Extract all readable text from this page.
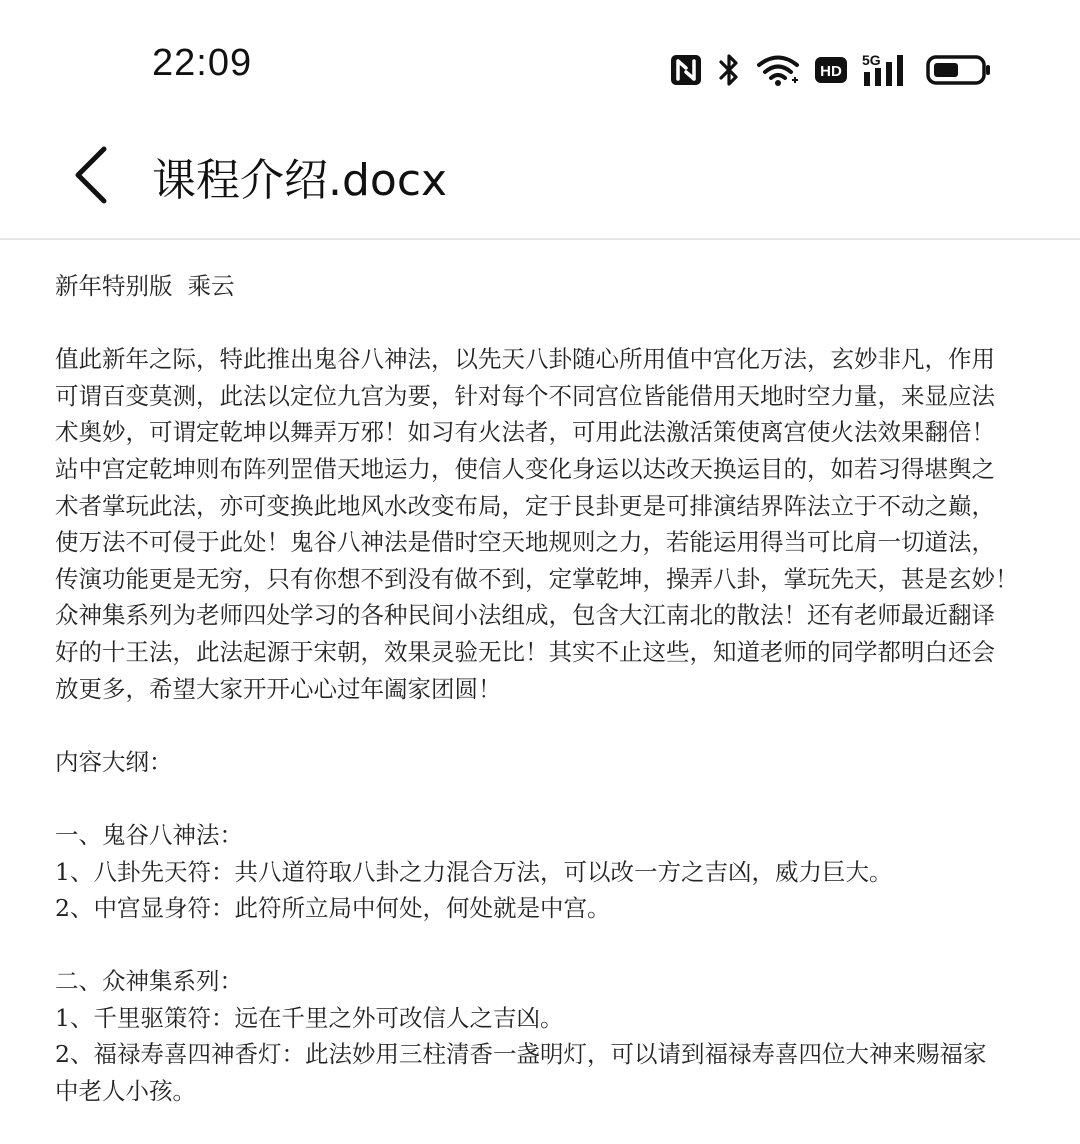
22:09	HD
5G
课程介绍.docx

新年特别版  乘云

值此新年之际，特此推出鬼谷八神法，以先天八卦随心所用值中宫化万法，玄妙非凡，作用

可谓百变莫测，此法以定位九宫为要，针对每个不同宫位皆能借用天地时空力量，来显应法

术奥妙，可谓定乾坤以舞弄万邪！如习有火法者，可用此法激活策使离宫使火法效果翻倍！

站中宫定乾坤则布阵列罡借天地运力，使信人变化身运以达改天换运目的，如若习得堪舆之

术者掌玩此法，亦可变换此地风水改变布局，定于艮卦更是可排演结界阵法立于不动之巅，

使万法不可侵于此处！鬼谷八神法是借时空天地规则之力，若能运用得当可比肩一切道法，

传演功能更是无穷，只有你想不到没有做不到，定掌乾坤，操弄八卦，掌玩先天，甚是玄妙！

众神集系列为老师四处学习的各种民间小法组成，包含大江南北的散法！还有老师最近翻译

好的十王法，此法起源于宋朝，效果灵验无比！其实不止这些，知道老师的同学都明白还会

放更多，希望大家开开心心过年阖家团圆！

内容大纲：

一、鬼谷八神法：

1、八卦先天符：共八道符取八卦之力混合万法，可以改一方之吉凶，威力巨大。

2、中宫显身符：此符所立局中何处，何处就是中宫。

二、众神集系列：

1、千里驱策符：远在千里之外可改信人之吉凶。

2、福禄寿喜四神香灯：此法妙用三柱清香一盏明灯，可以请到福禄寿喜四位大神来赐福家

中老人小孩。
